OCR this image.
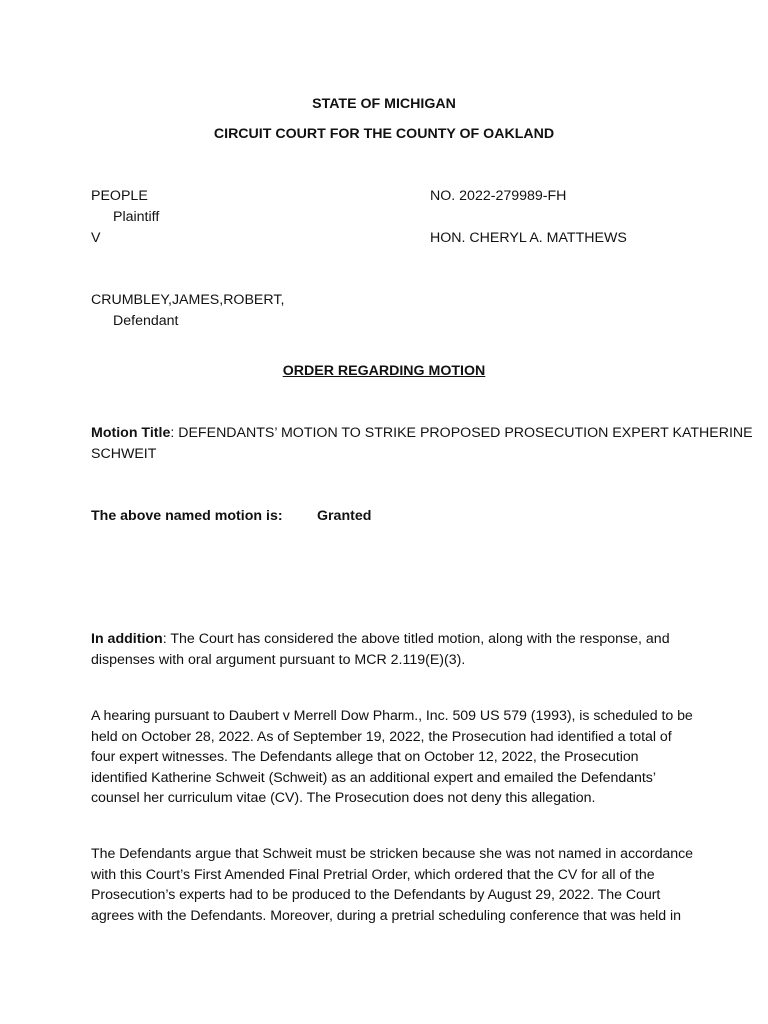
STATE OF MICHIGAN
CIRCUIT COURT FOR THE COUNTY OF OAKLAND
PEOPLE
Plaintiff
V
CRUMBLEY,JAMES,ROBERT,
Defendant
NO. 2022-279989-FH
HON. CHERYL A. MATTHEWS
ORDER REGARDING MOTION
Motion Title: DEFENDANTS’ MOTION TO STRIKE PROPOSED PROSECUTION EXPERT KATHERINE
SCHWEIT
The above named motion is: Granted
In addition: The Court has considered the above titled motion, along with the response, and
dispenses with oral argument pursuant to MCR 2.119(E)(3).
A hearing pursuant to Daubert v Merrell Dow Pharm., Inc. 509 US 579 (1993), is scheduled to be
held on October 28, 2022. As of September 19, 2022, the Prosecution had identified a total of
four expert witnesses. The Defendants allege that on October 12, 2022, the Prosecution
identified Katherine Schweit (Schweit) as an additional expert and emailed the Defendants’
counsel her curriculum vitae (CV). The Prosecution does not deny this allegation.
The Defendants argue that Schweit must be stricken because she was not named in accordance
with this Court’s First Amended Final Pretrial Order, which ordered that the CV for all of the
Prosecution’s experts had to be produced to the Defendants by August 29, 2022. The Court
agrees with the Defendants. Moreover, during a pretrial scheduling conference that was held in
